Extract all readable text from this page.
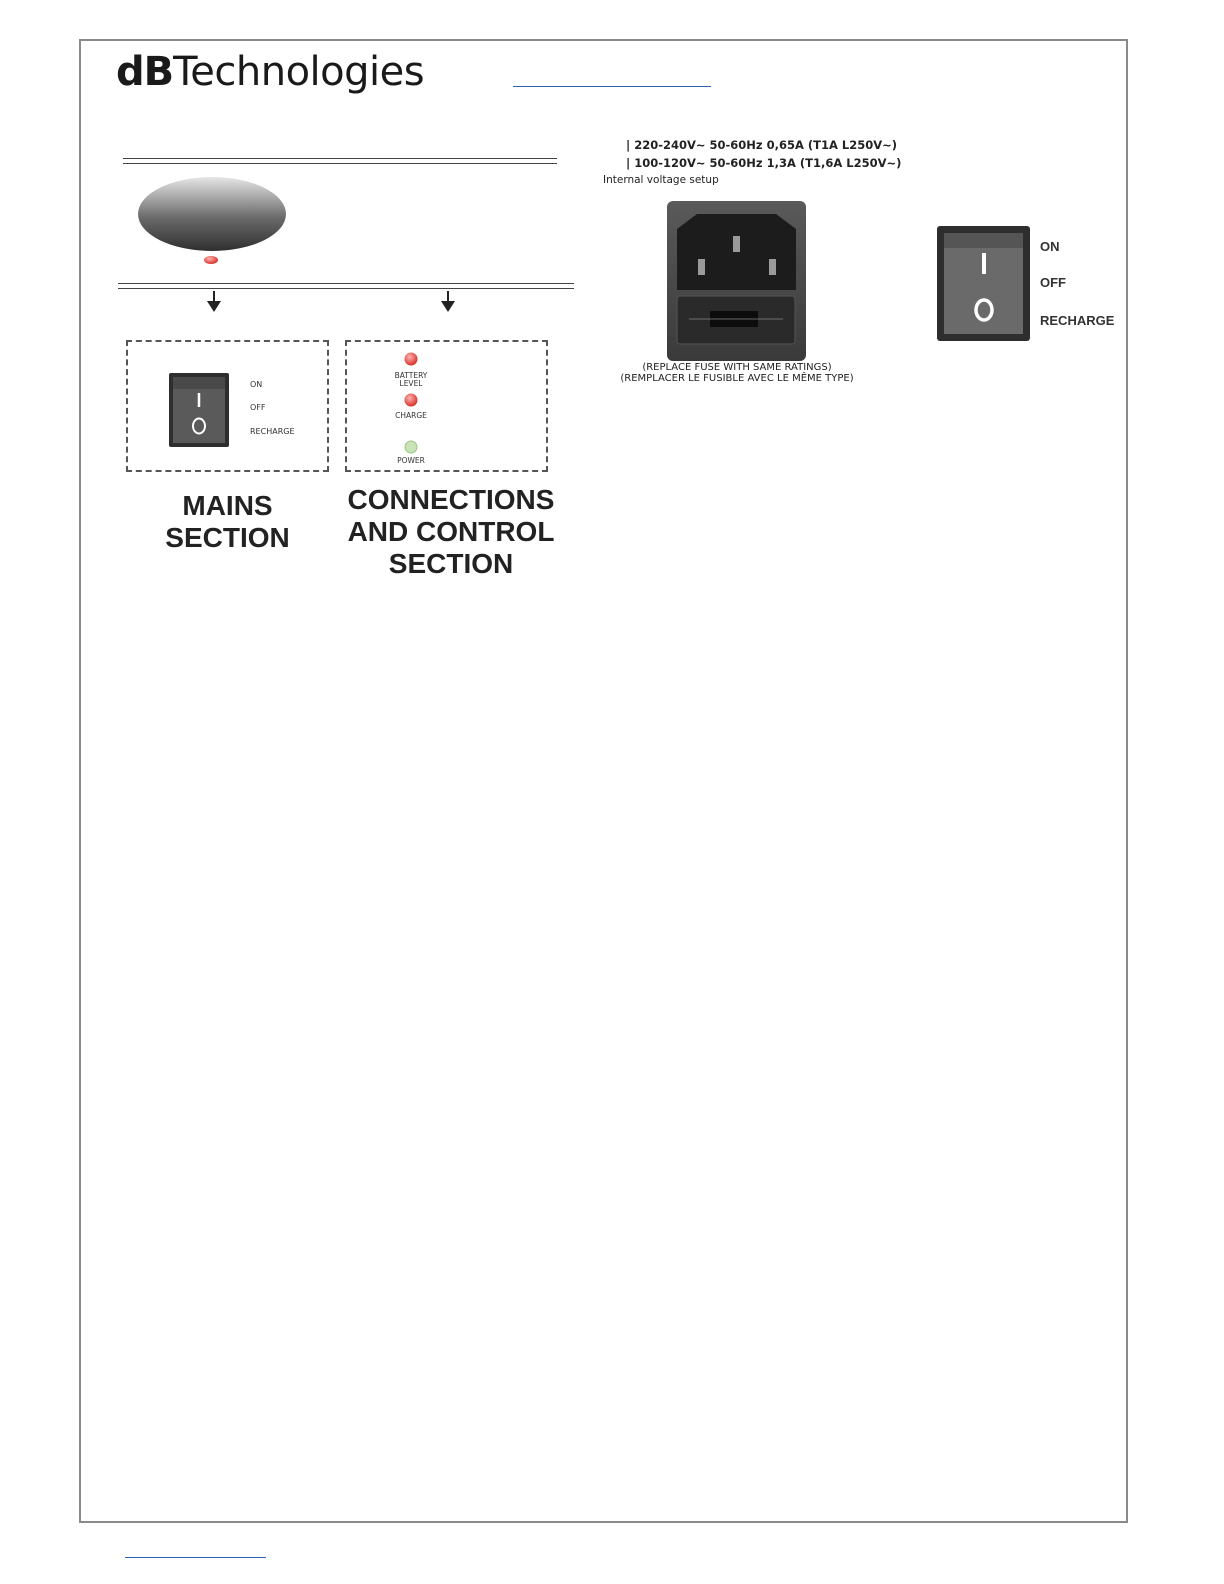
dBTechnologies
ON
OFF
RECHARGE
BATTERY
LEVEL
CHARGE
POWER
MAINS
SECTION
CONNECTIONS
AND CONTROL
SECTION
| 220-240V~ 50-60Hz 0,65A (T1A L250V~)
| 100-120V~ 50-60Hz 1,3A (T1,6A L250V~)
Internal voltage setup
(REPLACE FUSE WITH SAME RATINGS)
(REMPLACER LE FUSIBLE AVEC LE MÊME TYPE)
ON
OFF
RECHARGE
